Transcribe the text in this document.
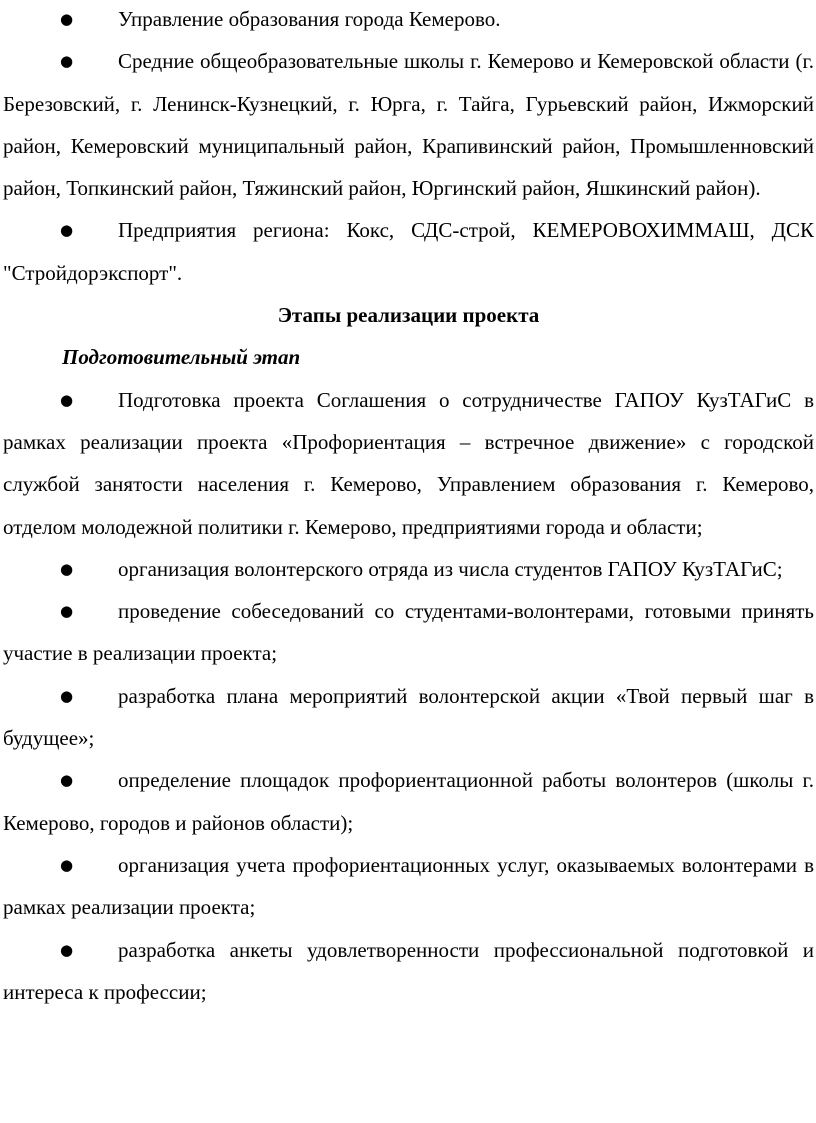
● Управление образования города Кемерово.

● Средние общеобразовательные школы г. Кемерово и Кемеровской области (г. Березовский, г. Ленинск-Кузнецкий, г. Юрга, г. Тайга, Гурьевский район, Ижморский район, Кемеровский муниципальный район, Крапивинский район, Промышленновский район, Топкинский район, Тяжинский район, Юргинский район, Яшкинский район).

● Предприятия региона: Кокс, СДС-строй, КЕМЕРОВОХИММАШ, ДСК "Стройдорэкспорт".

Этапы реализации проекта

Подготовительный этап

● Подготовка проекта Соглашения о сотрудничестве ГАПОУ КузТАГиС в рамках реализации проекта «Профориентация – встречное движение» с городской службой занятости населения г. Кемерово, Управлением образования г. Кемерово, отделом молодежной политики г. Кемерово, предприятиями города и области;

● организация волонтерского отряда из числа студентов ГАПОУ КузТАГиС;

● проведение собеседований со студентами-волонтерами, готовыми принять участие в реализации проекта;

● разработка плана мероприятий волонтерской акции «Твой первый шаг в будущее»;

● определение площадок профориентационной работы волонтеров (школы г. Кемерово, городов и районов области);

● организация учета профориентационных услуг, оказываемых волонтерами в рамках реализации проекта;

● разработка анкеты удовлетворенности профессиональной подготовкой и интереса к профессии;
